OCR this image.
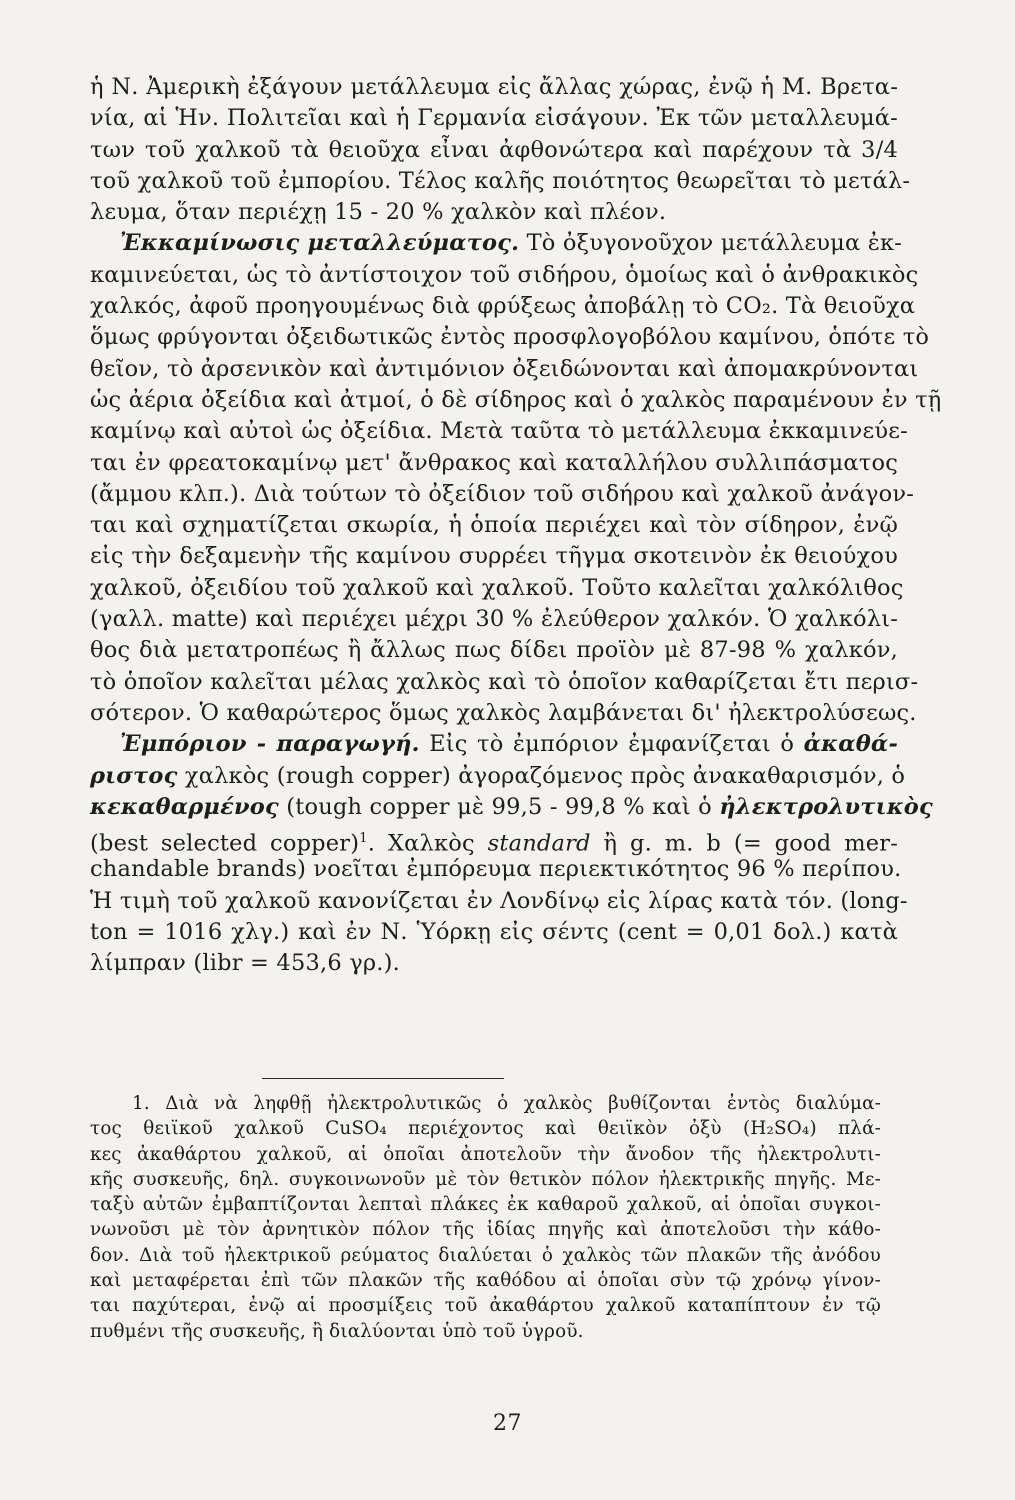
ἡ Ν. Ἀμερικὴ ἐξάγουν μετάλλευμα εἰς ἄλλας χώρας, ἐνῷ ἡ Μ. Βρετα-
νία, αἱ Ἡν. Πολιτεῖαι καὶ ἡ Γερμανία εἰσάγουν. Ἐκ τῶν μεταλλευμά-
των τοῦ χαλκοῦ τὰ θειοῦχα εἶναι ἀφθονώτερα καὶ παρέχουν τὰ 3/4
τοῦ χαλκοῦ τοῦ ἐμπορίου. Τέλος καλῆς ποιότητος θεωρεῖται τὸ μετάλ-
λευμα, ὅταν περιέχῃ 15 - 20 % χαλκὸν καὶ πλέον.
Ἐκκαμίνωσις μεταλλεύματος. Τὸ ὀξυγονοῦχον μετάλλευμα ἐκ-
καμινεύεται, ὡς τὸ ἀντίστοιχον τοῦ σιδήρου, ὁμοίως καὶ ὁ ἀνθρακικὸς
χαλκός, ἀφοῦ προηγουμένως διὰ φρύξεως ἀποβάλῃ τὸ CO₂. Τὰ θειοῦχα
ὅμως φρύγονται ὀξειδωτικῶς ἐντὸς προσφλογοβόλου καμίνου, ὁπότε τὸ
θεῖον, τὸ ἀρσενικὸν καὶ ἀντιμόνιον ὀξειδώνονται καὶ ἀπομακρύνονται
ὡς ἀέρια ὀξείδια καὶ ἀτμοί, ὁ δὲ σίδηρος καὶ ὁ χαλκὸς παραμένουν ἐν τῇ
καμίνῳ καὶ αὐτοὶ ὡς ὀξείδια. Μετὰ ταῦτα τὸ μετάλλευμα ἐκκαμινεύε-
ται ἐν φρεατοκαμίνῳ μετ' ἄνθρακος καὶ καταλλήλου συλλιπάσματος
(ἄμμου κλπ.). Διὰ τούτων τὸ ὀξείδιον τοῦ σιδήρου καὶ χαλκοῦ ἀνάγον-
ται καὶ σχηματίζεται σκωρία, ἡ ὁποία περιέχει καὶ τὸν σίδηρον, ἐνῷ
εἰς τὴν δεξαμενὴν τῆς καμίνου συρρέει τῆγμα σκοτεινὸν ἐκ θειούχου
χαλκοῦ, ὀξειδίου τοῦ χαλκοῦ καὶ χαλκοῦ. Τοῦτο καλεῖται χαλκόλιθος
(γαλλ. matte) καὶ περιέχει μέχρι 30 % ἐλεύθερον χαλκόν. Ὁ χαλκόλι-
θος διὰ μετατροπέως ἢ ἄλλως πως δίδει προϊὸν μὲ 87-98 % χαλκόν,
τὸ ὁποῖον καλεῖται μέλας χαλκὸς καὶ τὸ ὁποῖον καθαρίζεται ἔτι περισ-
σότερον. Ὁ καθαρώτερος ὅμως χαλκὸς λαμβάνεται δι' ἠλεκτρολύσεως.
Ἐμπόριον - παραγωγή. Εἰς τὸ ἐμπόριον ἐμφανίζεται ὁ ἀκαθά-
ριστος χαλκὸς (rough copper) ἀγοραζόμενος πρὸς ἀνακαθαρισμόν, ὁ
κεκαθαρμένος (tough copper μὲ 99,5 - 99,8 % καὶ ὁ ἠλεκτρολυτικὸς
(best selected copper)$^1$. Χαλκὸς standard ἢ g. m. b (= good mer-
chandable brands) νοεῖται ἐμπόρευμα περιεκτικότητος 96 % περίπου.
Ἡ τιμὴ τοῦ χαλκοῦ κανονίζεται ἐν Λονδίνῳ εἰς λίρας κατὰ τόν. (long-
ton = 1016 χλγ.) καὶ ἐν Ν. Ὑόρκῃ εἰς σέντς (cent = 0,01 δολ.) κατὰ
λίμπραν (libr = 453,6 γρ.).
1. Διὰ νὰ ληφθῇ ἠλεκτρολυτικῶς ὁ χαλκὸς βυθίζονται ἐντὸς διαλύμα-
τος θειϊκοῦ χαλκοῦ CuSO₄ περιέχοντος καὶ θειϊκὸν ὀξὺ (H₂SO₄) πλά-
κες ἀκαθάρτου χαλκοῦ, αἱ ὁποῖαι ἀποτελοῦν τὴν ἄνοδον τῆς ἠλεκτρολυτι-
κῆς συσκευῆς, δηλ. συγκοινωνοῦν μὲ τὸν θετικὸν πόλον ἠλεκτρικῆς πηγῆς. Με-
ταξὺ αὐτῶν ἐμβαπτίζονται λεπταὶ πλάκες ἐκ καθαροῦ χαλκοῦ, αἱ ὁποῖαι συγκοι-
νωνοῦσι μὲ τὸν ἀρνητικὸν πόλον τῆς ἰδίας πηγῆς καὶ ἀποτελοῦσι τὴν κάθο-
δον. Διὰ τοῦ ἠλεκτρικοῦ ρεύματος διαλύεται ὁ χαλκὸς τῶν πλακῶν τῆς ἀνόδου
καὶ μεταφέρεται ἐπὶ τῶν πλακῶν τῆς καθόδου αἱ ὁποῖαι σὺν τῷ χρόνῳ γίνον-
ται παχύτεραι, ἐνῷ αἱ προσμίξεις τοῦ ἀκαθάρτου χαλκοῦ καταπίπτουν ἐν τῷ
πυθμένι τῆς συσκευῆς, ἢ διαλύονται ὑπὸ τοῦ ὑγροῦ.
27
